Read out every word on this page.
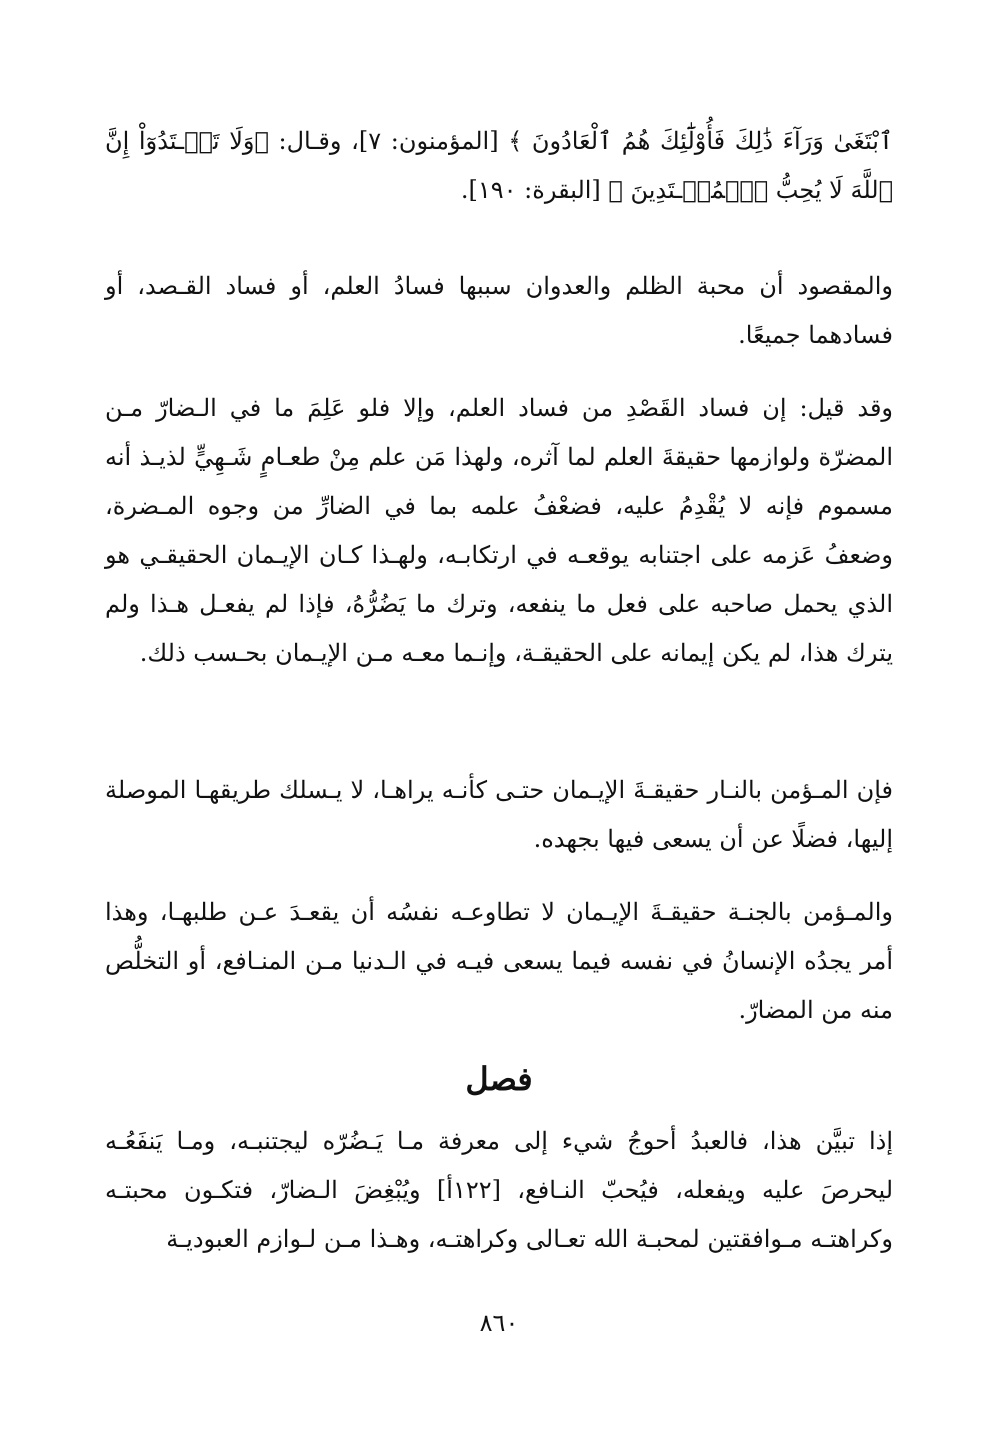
ٱبْتَغَىٰ وَرَآءَ ذَٰلِكَ فَأُوْلَٰٓئِكَ هُمُ ٱلْعَادُونَ ﴾ [المؤمنون: ٧]، وقـال: ﴿وَلَا تَعۡـتَدُوٓاْ إِنَّ ٱللَّهَ لَا يُحِبُّ ٱلۡمُعۡـتَدِينَ ﴾ [البقرة: ١٩٠].

والمقصود أن محبة الظلم والعدوان سببها فسادُ العلم، أو فساد القـصد، أو فسادهما جميعًا.

وقد قيل: إن فساد القَصْدِ من فساد العلم، وإلا فلو عَلِمَ ما في الـضارّ مـن المضرّة ولوازمها حقيقةَ العلم لما آثره، ولهذا مَن علم مِنْ طعـامٍ شَـهِيٍّ لذيـذ أنه مسموم فإنه لا يُقْدِمُ عليه، فضعْفُ علمه بما في الضارِّ من وجوه المـضرة، وضعفُ عَزمه على اجتنابه يوقعـه في ارتكابـه، ولهـذا كـان الإيـمان الحقيقـي هو الذي يحمل صاحبه على فعل ما ينفعه، وترك ما يَضُرُّهُ، فإذا لم يفعـل هـذا ولم يترك هذا، لم يكن إيمانه على الحقيقـة، وإنـما معـه مـن الإيـمان بحـسب ذلك.

فإن المـؤمن بالنـار حقيقـةَ الإيـمان حتـى كأنـه يراهـا، لا يـسلك طريقهـا الموصلة إليها، فضلًا عن أن يسعى فيها بجهده.

والمـؤمن بالجنـة حقيقـةَ الإيـمان لا تطاوعـه نفسُه أن يقعـدَ عـن طلبهـا، وهذا أمر يجدُه الإنسانُ في نفسه فيما يسعى فيـه في الـدنيا مـن المنـافع، أو التخلُّص منه من المضارّ.

فصل

إذا تبيَّن هذا، فالعبدُ أحوجُ شيء إلى معرفة مـا يَـضُرّه ليجتنبـه، ومـا يَنفَعُـه ليحرصَ عليه ويفعله، فيُحبّ النـافع، [١٢٢أ] ويُبْغِضَ الـضارّ، فتكـون محبتـه وكراهتـه مـوافقتين لمحبـة الله تعـالى وكراهتـه، وهـذا مـن لـوازم العبوديـة

٨٦٠
